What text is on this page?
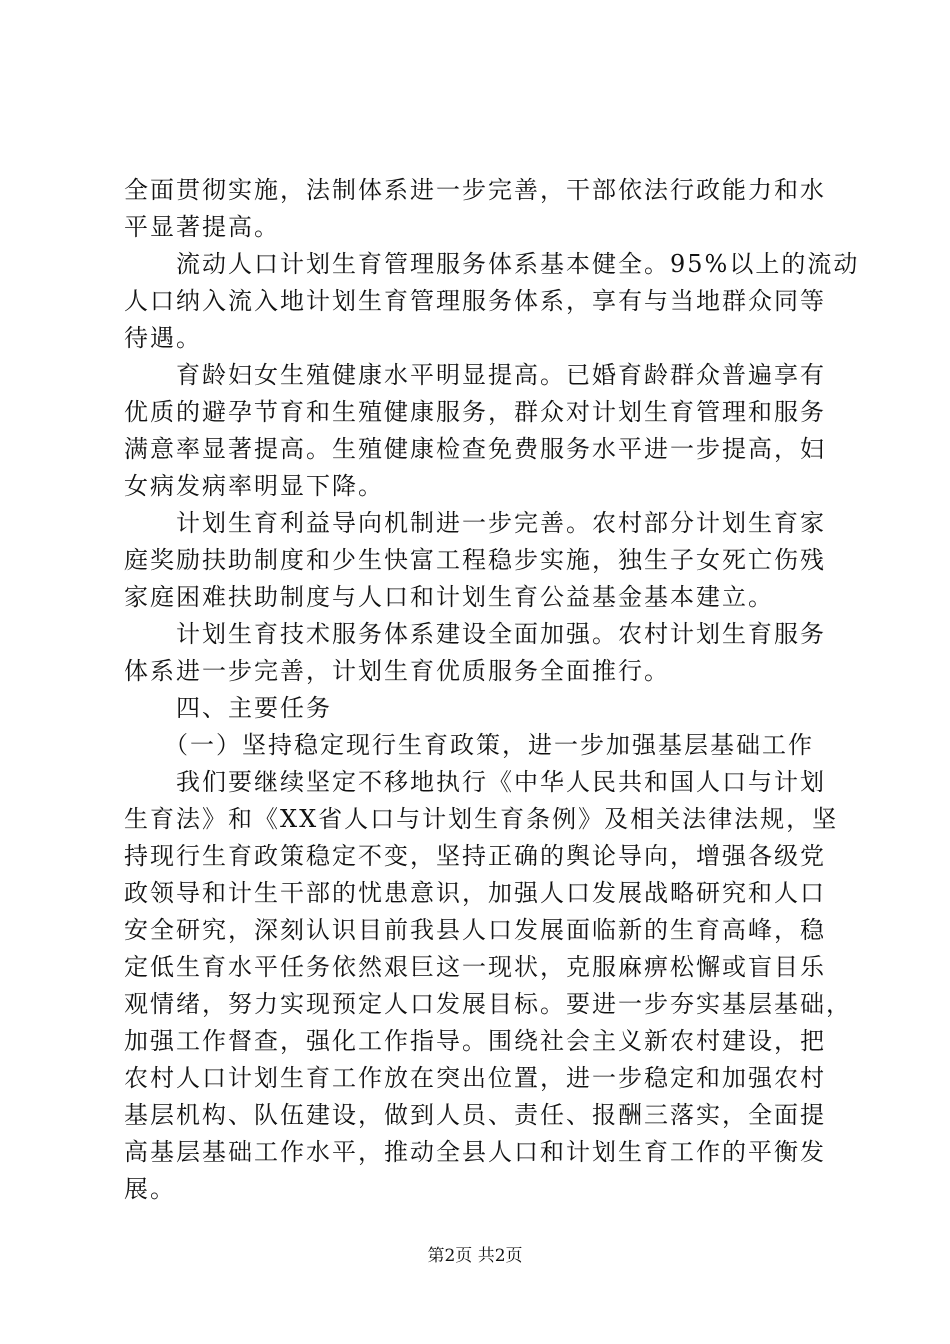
全面贯彻实施，法制体系进一步完善，干部依法行政能力和水
平显著提高。
　　流动人口计划生育管理服务体系基本健全。95%以上的流动
人口纳入流入地计划生育管理服务体系，享有与当地群众同等
待遇。
　　育龄妇女生殖健康水平明显提高。已婚育龄群众普遍享有
优质的避孕节育和生殖健康服务，群众对计划生育管理和服务
满意率显著提高。生殖健康检查免费服务水平进一步提高，妇
女病发病率明显下降。
　　计划生育利益导向机制进一步完善。农村部分计划生育家
庭奖励扶助制度和少生快富工程稳步实施，独生子女死亡伤残
家庭困难扶助制度与人口和计划生育公益基金基本建立。
　　计划生育技术服务体系建设全面加强。农村计划生育服务
体系进一步完善，计划生育优质服务全面推行。
　　四、主要任务
　　（一）坚持稳定现行生育政策，进一步加强基层基础工作
　　我们要继续坚定不移地执行《中华人民共和国人口与计划
生育法》和《XX省人口与计划生育条例》及相关法律法规，坚
持现行生育政策稳定不变，坚持正确的舆论导向，增强各级党
政领导和计生干部的忧患意识，加强人口发展战略研究和人口
安全研究，深刻认识目前我县人口发展面临新的生育高峰，稳
定低生育水平任务依然艰巨这一现状，克服麻痹松懈或盲目乐
观情绪，努力实现预定人口发展目标。要进一步夯实基层基础，
加强工作督查，强化工作指导。围绕社会主义新农村建设，把
农村人口计划生育工作放在突出位置，进一步稳定和加强农村
基层机构、队伍建设，做到人员、责任、报酬三落实，全面提
高基层基础工作水平，推动全县人口和计划生育工作的平衡发
展。
第2页 共2页
